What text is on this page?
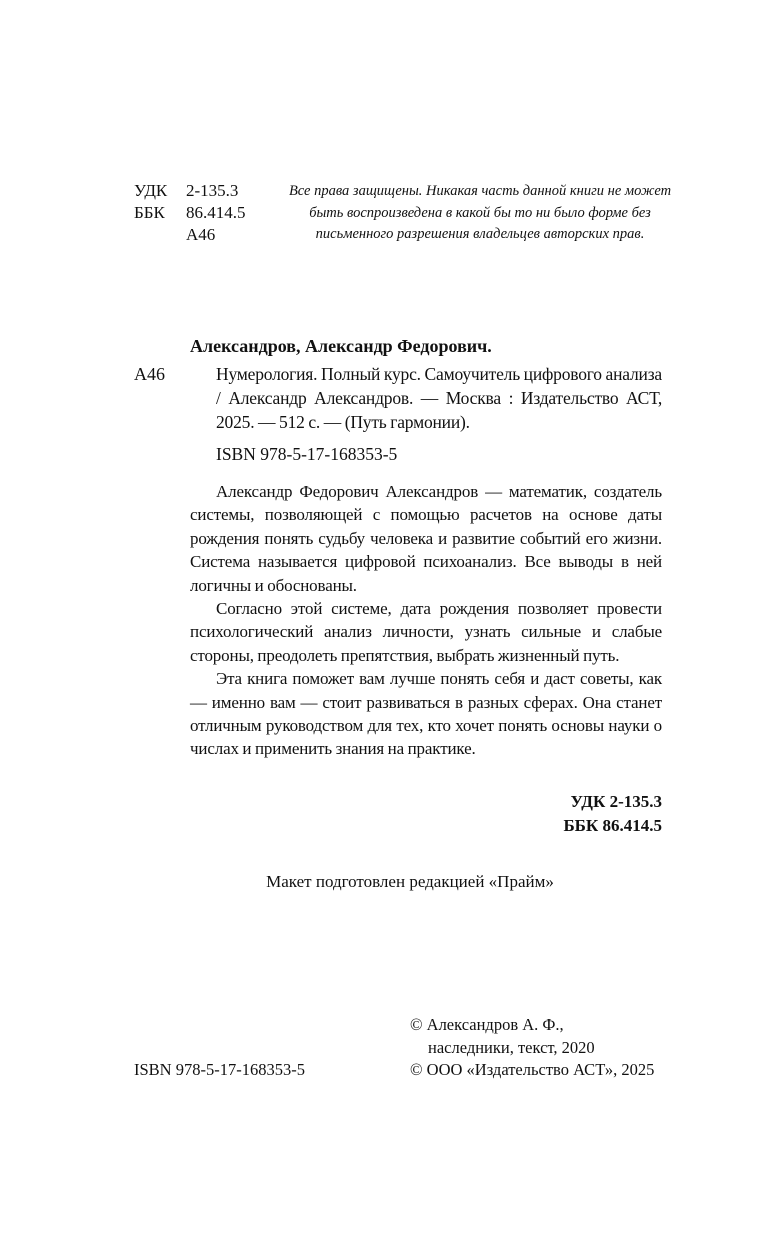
УДК	2-135.3
ББК	86.414.5
А46

Все права защищены. Никакая часть данной книги не может быть воспроизведена в какой бы то ни было форме без письменного разрешения владельцев авторских прав.

Александров, Александр Федорович.
А46	Нумерология. Полный курс. Самоучитель цифрового анализа / Александр Александров. — Москва : Издательство АСТ, 2025. — 512 с. — (Путь гармонии).

ISBN 978-5-17-168353-5

Александр Федорович Александров — математик, создатель системы, позволяющей с помощью расчетов на основе даты рождения понять судьбу человека и развитие событий его жизни. Система называется цифровой психоанализ. Все выводы в ней логичны и обоснованы.

Согласно этой системе, дата рождения позволяет провести психологический анализ личности, узнать сильные и слабые стороны, преодолеть препятствия, выбрать жизненный путь.

Эта книга поможет вам лучше понять себя и даст советы, как — именно вам — стоит развиваться в разных сферах. Она станет отличным руководством для тех, кто хочет понять основы науки о числах и применить знания на практике.

УДК 2-135.3
ББК 86.414.5
Макет подготовлен редакцией «Прайм»
© Александров А. Ф.,
наследники, текст, 2020
© ООО «Издательство АСТ», 2025
ISBN 978-5-17-168353-5
